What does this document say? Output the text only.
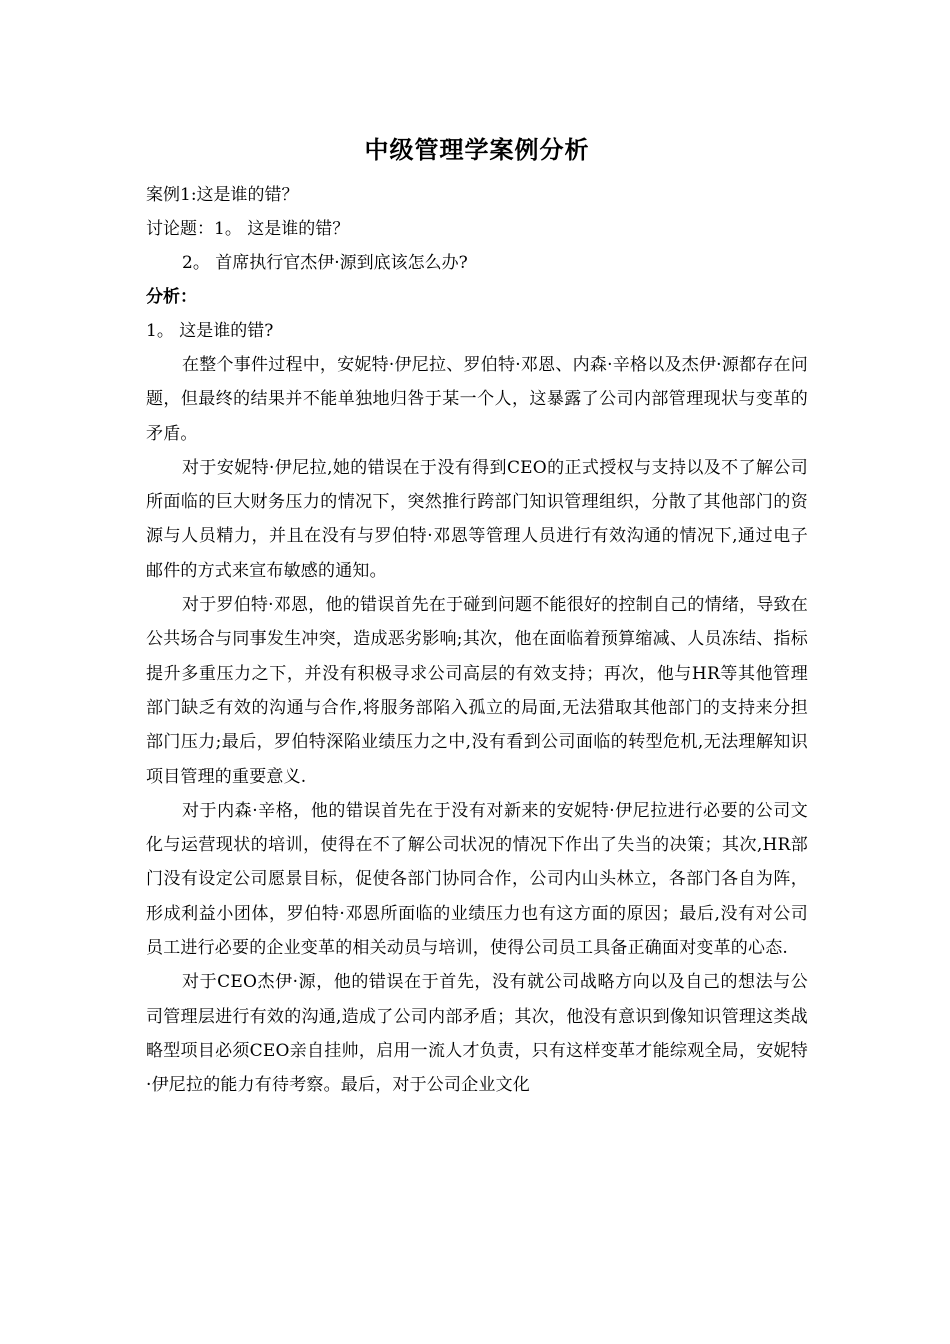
中级管理学案例分析

案例1:这是谁的错？

讨论题：1。 这是谁的错？

2。 首席执行官杰伊·源到底该怎么办?

分析：

1。 这是谁的错?

在整个事件过程中，安妮特·伊尼拉、罗伯特·邓恩、内森·辛格以及杰伊·源都存在问题，但最终的结果并不能单独地归咎于某一个人，这暴露了公司内部管理现状与变革的矛盾。

对于安妮特·伊尼拉,她的错误在于没有得到CEO的正式授权与支持以及不了解公司所面临的巨大财务压力的情况下，突然推行跨部门知识管理组织，分散了其他部门的资源与人员精力，并且在没有与罗伯特·邓恩等管理人员进行有效沟通的情况下,通过电子邮件的方式来宣布敏感的通知。

对于罗伯特·邓恩，他的错误首先在于碰到问题不能很好的控制自己的情绪，导致在公共场合与同事发生冲突，造成恶劣影响;其次，他在面临着预算缩减、人员冻结、指标提升多重压力之下，并没有积极寻求公司高层的有效支持；再次，他与HR等其他管理部门缺乏有效的沟通与合作,将服务部陷入孤立的局面,无法猎取其他部门的支持来分担部门压力;最后，罗伯特深陷业绩压力之中,没有看到公司面临的转型危机,无法理解知识项目管理的重要意义.

对于内森·辛格，他的错误首先在于没有对新来的安妮特·伊尼拉进行必要的公司文化与运营现状的培训，使得在不了解公司状况的情况下作出了失当的决策；其次,HR部门没有设定公司愿景目标，促使各部门协同合作，公司内山头林立，各部门各自为阵，形成利益小团体，罗伯特·邓恩所面临的业绩压力也有这方面的原因；最后,没有对公司员工进行必要的企业变革的相关动员与培训，使得公司员工具备正确面对变革的心态.

对于CEO杰伊·源，他的错误在于首先，没有就公司战略方向以及自己的想法与公司管理层进行有效的沟通,造成了公司内部矛盾；其次，他没有意识到像知识管理这类战略型项目必须CEO亲自挂帅，启用一流人才负责，只有这样变革才能综观全局，安妮特·伊尼拉的能力有待考察。最后，对于公司企业文化
